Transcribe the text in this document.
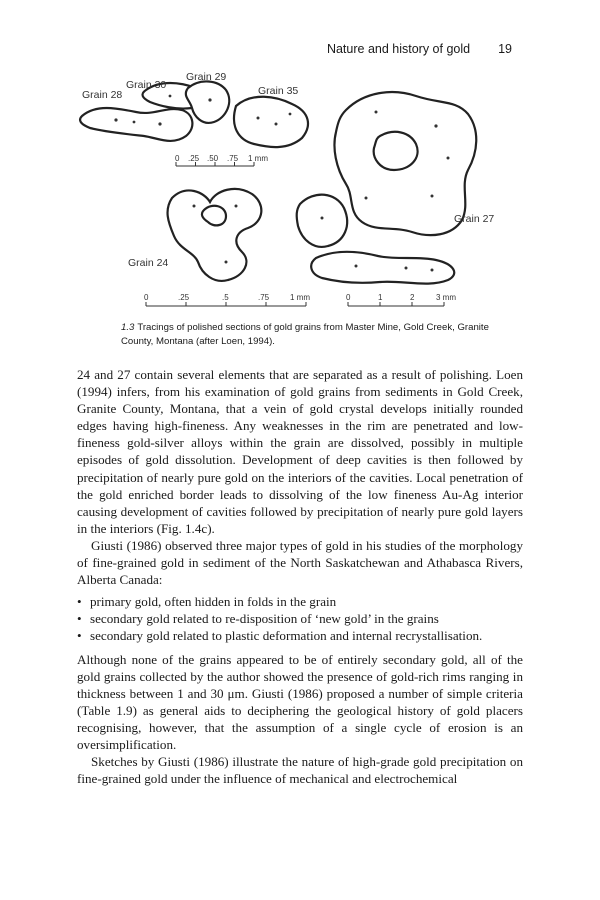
Nature and history of gold 19
Grain 29
Grain 30
Grain 28	Grain 35
Grain 27
Grain 24
0 .25 .50 .75 1 mm
0	.25	.5	.75	1 mm	0	1	2	3 mm
1.3 Tracings of polished sections of gold grains from Master Mine, Gold Creek, Granite County, Montana (after Loen, 1994).

24 and 27 contain several elements that are separated as a result of polishing. Loen (1994) infers, from his examination of gold grains from sediments in Gold Creek, Granite County, Montana, that a vein of gold crystal develops initially rounded edges having high-fineness. Any weaknesses in the rim are penetrated and low-fineness gold-silver alloys within the grain are dissolved, possibly in multiple episodes of gold dissolution. Development of deep cavities is then followed by precipitation of nearly pure gold on the interiors of the cavities. Local penetration of the gold enriched border leads to dissolving of the low fineness Au-Ag interior causing development of cavities followed by precipitation of nearly pure gold layers in the interiors (Fig. 1.4c).

Giusti (1986) observed three major types of gold in his studies of the morphology of fine-grained gold in sediment of the North Saskatchewan and Athabasca Rivers, Alberta Canada:

• primary gold, often hidden in folds in the grain
• secondary gold related to re-disposition of ‘new gold’ in the grains
• secondary gold related to plastic deformation and internal recrystallisation.

Although none of the grains appeared to be of entirely secondary gold, all of the gold grains collected by the author showed the presence of gold-rich rims ranging in thickness between 1 and 30 μm. Giusti (1986) proposed a number of simple criteria (Table 1.9) as general aids to deciphering the geological history of gold placers recognising, however, that the assumption of a single cycle of erosion is an oversimplification.

Sketches by Giusti (1986) illustrate the nature of high-grade gold precipitation on fine-grained gold under the influence of mechanical and electrochemical
